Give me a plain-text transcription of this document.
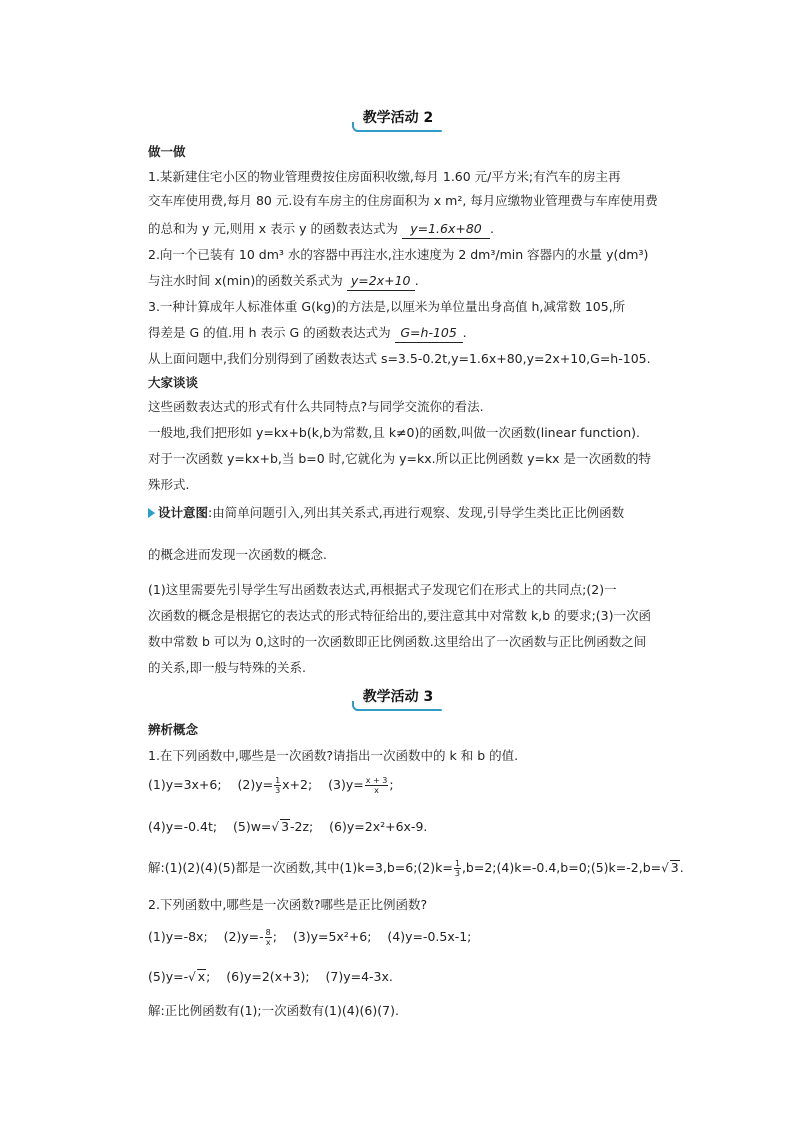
教学活动 2
做一做
1.某新建住宅小区的物业管理费按住房面积收缴,每月 1.60 元/平方米;有汽车的房主再
交车库使用费,每月 80 元.设有车房主的住房面积为 x m², 每月应缴物业管理费与车库使用费
的总和为 y 元,则用 x 表示 y 的函数表达式为 y=1.6x+80 .
2.向一个已装有 10 dm³ 水的容器中再注水,注水速度为 2 dm³/min 容器内的水量 y(dm³)
与注水时间 x(min)的函数关系式为 y=2x+10 .
3.一种计算成年人标准体重 G(kg)的方法是,以厘米为单位量出身高值 h,减常数 105,所
得差是 G 的值.用 h 表示 G 的函数表达式为 G=h-105 .
从上面问题中,我们分别得到了函数表达式 s=3.5-0.2t,y=1.6x+80,y=2x+10,G=h-105.
大家谈谈
这些函数表达式的形式有什么共同特点?与同学交流你的看法.
一般地,我们把形如 y=kx+b(k,b为常数,且 k≠0)的函数,叫做一次函数(linear function).
对于一次函数 y=kx+b,当 b=0 时,它就化为 y=kx.所以正比例函数 y=kx 是一次函数的特
殊形式.
设计意图:由简单问题引入,列出其关系式,再进行观察、发现,引导学生类比正比例函数
的概念进而发现一次函数的概念.
(1)这里需要先引导学生写出函数表达式,再根据式子发现它们在形式上的共同点;(2)一
次函数的概念是根据它的表达式的形式特征给出的,要注意其中对常数 k,b 的要求;(3)一次函
数中常数 b 可以为 0,这时的一次函数即正比例函数.这里给出了一次函数与正比例函数之间
的关系,即一般与特殊的关系.
教学活动 3
辨析概念
1.在下列函数中,哪些是一次函数?请指出一次函数中的 k 和 b 的值.
(1)y=3x+6; $(2)y= \frac{1}{3} x+2$; $(3)y= \frac{x + 3}{x}$ ;
(4)y=-0.4t; (5)w=√ 3-2z; (6)y=2x²+6x-9.
解:(1)(2)(4)(5)都是一次函数,其中(1)k=3,b=6;(2)k= $\frac{1}{3}$ ,b=2;(4)k=-0.4,b=0;(5)k=-2,b=√ 3.
2.下列函数中,哪些是一次函数?哪些是正比例函数?
(1)y=-8x; $(2)y=- \frac{8}{x}$ ; (3)y=5x²+6; (4)y=-0.5x-1;
(5)y=-√ x; (6)y=2(x+3); (7)y=4-3x.
解:正比例函数有(1);一次函数有(1)(4)(6)(7).
